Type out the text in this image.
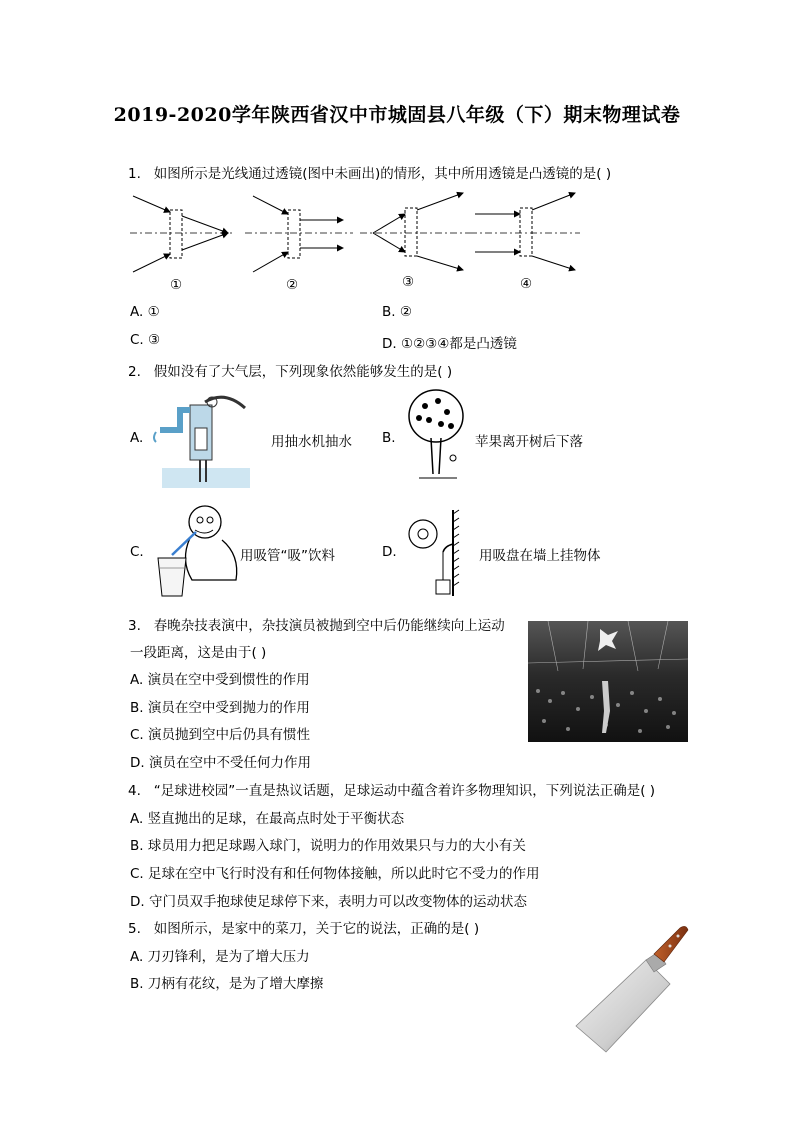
2019-2020学年陕西省汉中市城固县八年级（下）期末物理试卷
1. 如图所示是光线通过透镜(图中未画出)的情形，其中所用透镜是凸透镜的是( )
①	②	③	④
A. ①	B. ②
C. ③	D. ①②③④都是凸透镜
2. 假如没有了大气层，下列现象依然能够发生的是( )
A.	用抽水机抽水 B.	苹果离开树后下落
C.	用吸管“吸”饮料	D.	用吸盘在墙上挂物体
3. 春晚杂技表演中，杂技演员被抛到空中后仍能继续向上运动
一段距离，这是由于( )
A. 演员在空中受到惯性的作用
B. 演员在空中受到抛力的作用
C. 演员抛到空中后仍具有惯性
D. 演员在空中不受任何力作用
4. “足球进校园”一直是热议话题，足球运动中蕴含着许多物理知识，下列说法正确是( )
A. 竖直抛出的足球，在最高点时处于平衡状态
B. 球员用力把足球踢入球门，说明力的作用效果只与力的大小有关
C. 足球在空中飞行时没有和任何物体接触，所以此时它不受力的作用
D. 守门员双手抱球使足球停下来，表明力可以改变物体的运动状态
5. 如图所示，是家中的菜刀，关于它的说法，正确的是( )
A. 刀刃锋利，是为了增大压力
B. 刀柄有花纹，是为了增大摩擦
